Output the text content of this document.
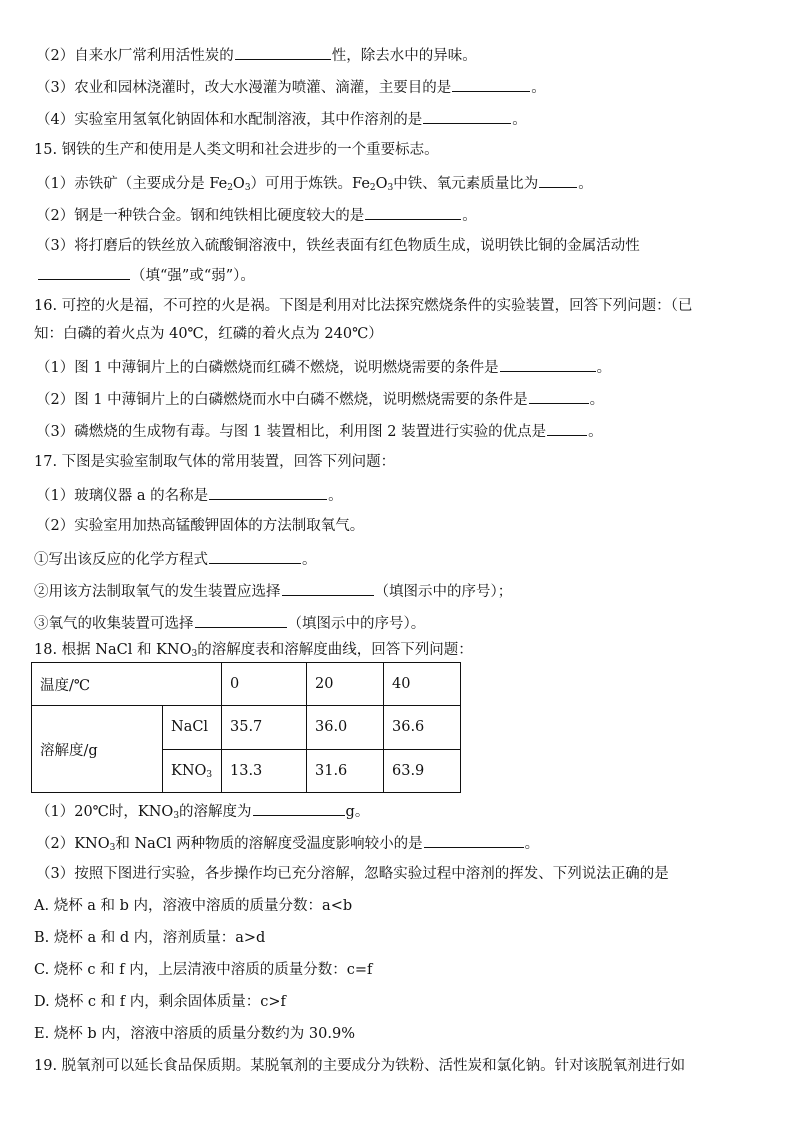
（2）自来水厂常利用活性炭的	性，除去水中的异味。
（3）农业和园林浇灌时，改大水漫灌为喷灌、滴灌，主要目的是	。
（4）实验室用氢氧化钠固体和水配制溶液，其中作溶剂的是	。
15. 钢铁的生产和使用是人类文明和社会进步的一个重要标志。
（1）赤铁矿（主要成分是 $Fe_2O_3$）可用于炼铁。$Fe_2O_3$中铁、氧元素质量比为	。
（2）钢是一种铁合金。钢和纯铁相比硬度较大的是	。
（3）将打磨后的铁丝放入硫酸铜溶液中，铁丝表面有红色物质生成，说明铁比铜的金属活动性
（填“强”或“弱”）。
16. 可控的火是福，不可控的火是祸。下图是利用对比法探究燃烧条件的实验装置，回答下列问题：（已
知：白磷的着火点为 40℃，红磷的着火点为 240℃）
（1）图 1 中薄铜片上的白磷燃烧而红磷不燃烧，说明燃烧需要的条件是	。
（2）图 1 中薄铜片上的白磷燃烧而水中白磷不燃烧，说明燃烧需要的条件是	。
（3）磷燃烧的生成物有毒。与图 1 装置相比，利用图 2 装置进行实验的优点是	。
17. 下图是实验室制取气体的常用装置，回答下列问题：
（1）玻璃仪器 a 的名称是	。
（2）实验室用加热高锰酸钾固体的方法制取氧气。
①写出该反应的化学方程式	。
②用该方法制取氧气的发生装置应选择	（填图示中的序号）；
③氧气的收集装置可选择	（填图示中的序号）。
18. 根据 NaCl 和 $KNO_3$的溶解度表和溶解度曲线，回答下列问题：
温度/℃		0	20	40
溶解度/g	NaCl	35.7	36.0	36.6
	$KNO_3$	13.3	31.6	63.9
（1）20℃时，$KNO_3$的溶解度为	g。
$(2)KNO_3$和 NaCl 两种物质的溶解度受温度影响较小的是	。
（3）按照下图进行实验，各步操作均已充分溶解，忽略实验过程中溶剂的挥发、下列说法正确的是
A. 烧杯 a 和 b 内，溶液中溶质的质量分数：a<b
B. 烧杯 a 和 d 内，溶剂质量：a>d
C. 烧杯 c 和 f 内，上层清液中溶质的质量分数：c=f
D. 烧杯 c 和 f 内，剩余固体质量：c>f
E. 烧杯 b 内，溶液中溶质的质量分数约为 30.9%
19. 脱氧剂可以延长食品保质期。某脱氧剂的主要成分为铁粉、活性炭和氯化钠。针对该脱氧剂进行如
